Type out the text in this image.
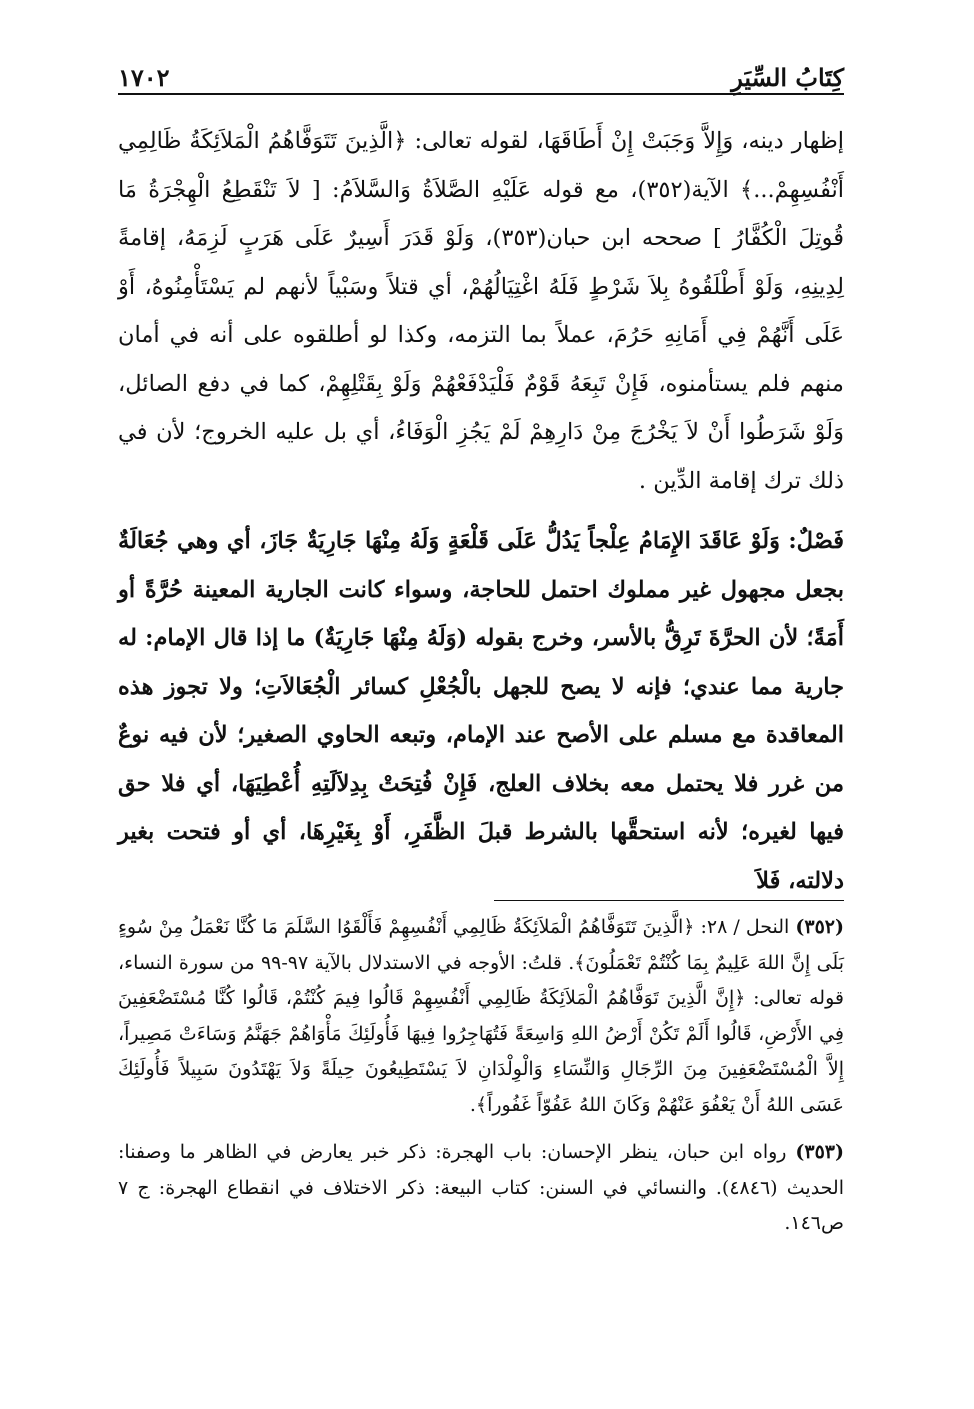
كِتَابُ السِّيَرِ
١٧٠٢

إظهار دينه، وَإِلاَّ وَجَبَتْ إِنْ أَطَاقَهَا، لقوله تعالى: ﴿الَّذِينَ تَتَوَفَّاهُمُ الْمَلاَئِكَةُ ظَالِمِي أَنْفُسِهِمْ...﴾ الآية(٣٥٢)، مع قوله عَلَيْهِ الصَّلاَةُ وَالسَّلاَمُ: [ لاَ تَنْقَطِعُ الْهِجْرَةُ مَا قُوتِلَ الْكُفَّارُ ] صححه ابن حبان(٣٥٣)، وَلَوْ قَدَرَ أَسِيرٌ عَلَى هَرَبٍ لَزِمَهُ، إقامةً لِدِينِهِ، وَلَوْ أَطْلَقُوهُ بِلاَ شَرْطٍ فَلَهُ اغْتِيَالُهُمْ، أي قتلاً وسَبْياً لأنهم لم يَسْتَأْمِنُوهُ، أَوْ عَلَى أَنَّهُمْ فِي أَمَانِهِ حَرُمَ، عملاً بما التزمه، وكذا لو أطلقوه على أنه في أمان منهم فلم يستأمنوه، فَإِنْ تَبِعَهُ قَوْمٌ فَلْيَدْفَعْهُمْ وَلَوْ بِقَتْلِهِمْ، كما في دفع الصائل، وَلَوْ شَرَطُوا أَنْ لاَ يَخْرُجَ مِنْ دَارِهِمْ لَمْ يَجُزِ الْوَفَاءُ، أي بل عليه الخروج؛ لأن في ذلك ترك إقامة الدِّين .

فَصْلٌ: وَلَوْ عَاقَدَ الإِمَامُ عِلْجاً يَدُلُّ عَلَى قَلْعَةٍ وَلَهُ مِنْهَا جَارِيَةٌ جَازَ، أي وهي جُعَالَةٌ بجعل مجهول غير مملوك احتمل للحاجة، وسواء كانت الجارية المعينة حُرَّةً أو أَمَةً؛ لأن الحرَّةَ تَرِقُّ بالأسر، وخرج بقوله (وَلَهُ مِنْهَا جَارِيَةٌ) ما إذا قال الإمام: له جارية مما عندي؛ فإنه لا يصح للجهل بالْجُعْلِ كسائر الْجُعَالاَتِ؛ ولا تجوز هذه المعاقدة مع مسلم على الأصح عند الإمام، وتبعه الحاوي الصغير؛ لأن فيه نوعٌ من غرر فلا يحتمل معه بخلاف العلج، فَإِنْ فُتِحَتْ بِدِلاَلَتِهِ أُعْطِيَهَا، أي فلا حق فيها لغيره؛ لأنه استحقَّها بالشرط قبلَ الظَّفَرِ، أَوْ بِغَيْرِهَا، أي أو فتحت بغير دلالته، فَلاَ

(٣٥٢) النحل / ٢٨: ﴿الَّذِينَ تَتَوَفَّاهُمُ الْمَلاَئِكَةُ ظَالِمِي أَنْفُسِهِمْ فَأَلْقَوُا السَّلَمَ مَا كُنَّا نَعْمَلُ مِنْ سُوءٍ بَلَى إِنَّ اللهَ عَلِيمٌ بِمَا كُنْتُمْ تَعْمَلُونَ﴾. قلتُ: الأوجه في الاستدلال بالآية ٩٧-٩٩ من سورة النساء، قوله تعالى: ﴿إِنَّ الَّذِينَ تَوَفَّاهُمُ الْمَلاَئِكَةُ ظَالِمِي أَنْفُسِهِمْ قَالُوا فِيمَ كُنْتُمْ، قَالُوا كُنَّا مُسْتَضْعَفِينَ فِي الأَرْضِ، قَالُوا أَلَمْ تَكُنْ أَرْضُ اللهِ وَاسِعَةً فَتُهَاجِرُوا فِيهَا فَأُولَئِكَ مَأْوَاهُمْ جَهَنَّمُ وَسَاءَتْ مَصِيراً، إِلاَّ الْمُسْتَضْعَفِينَ مِنَ الرِّجَالِ وَالنِّسَاءِ وَالْوِلْدَانِ لاَ يَسْتَطِيعُونَ حِيلَةً وَلاَ يَهْتَدُونَ سَبِيلاً فَأُولَئِكَ عَسَى اللهُ أَنْ يَعْفُوَ عَنْهُمْ وَكَانَ اللهُ عَفُوّاً غَفُوراً﴾.

(٣٥٣) رواه ابن حبان، ينظر الإحسان: باب الهجرة: ذكر خبر يعارض في الظاهر ما وصفنا: الحديث (٤٨٤٦). والنسائي في السنن: كتاب البيعة: ذكر الاختلاف في انقطاع الهجرة: ج ٧ ص١٤٦.
